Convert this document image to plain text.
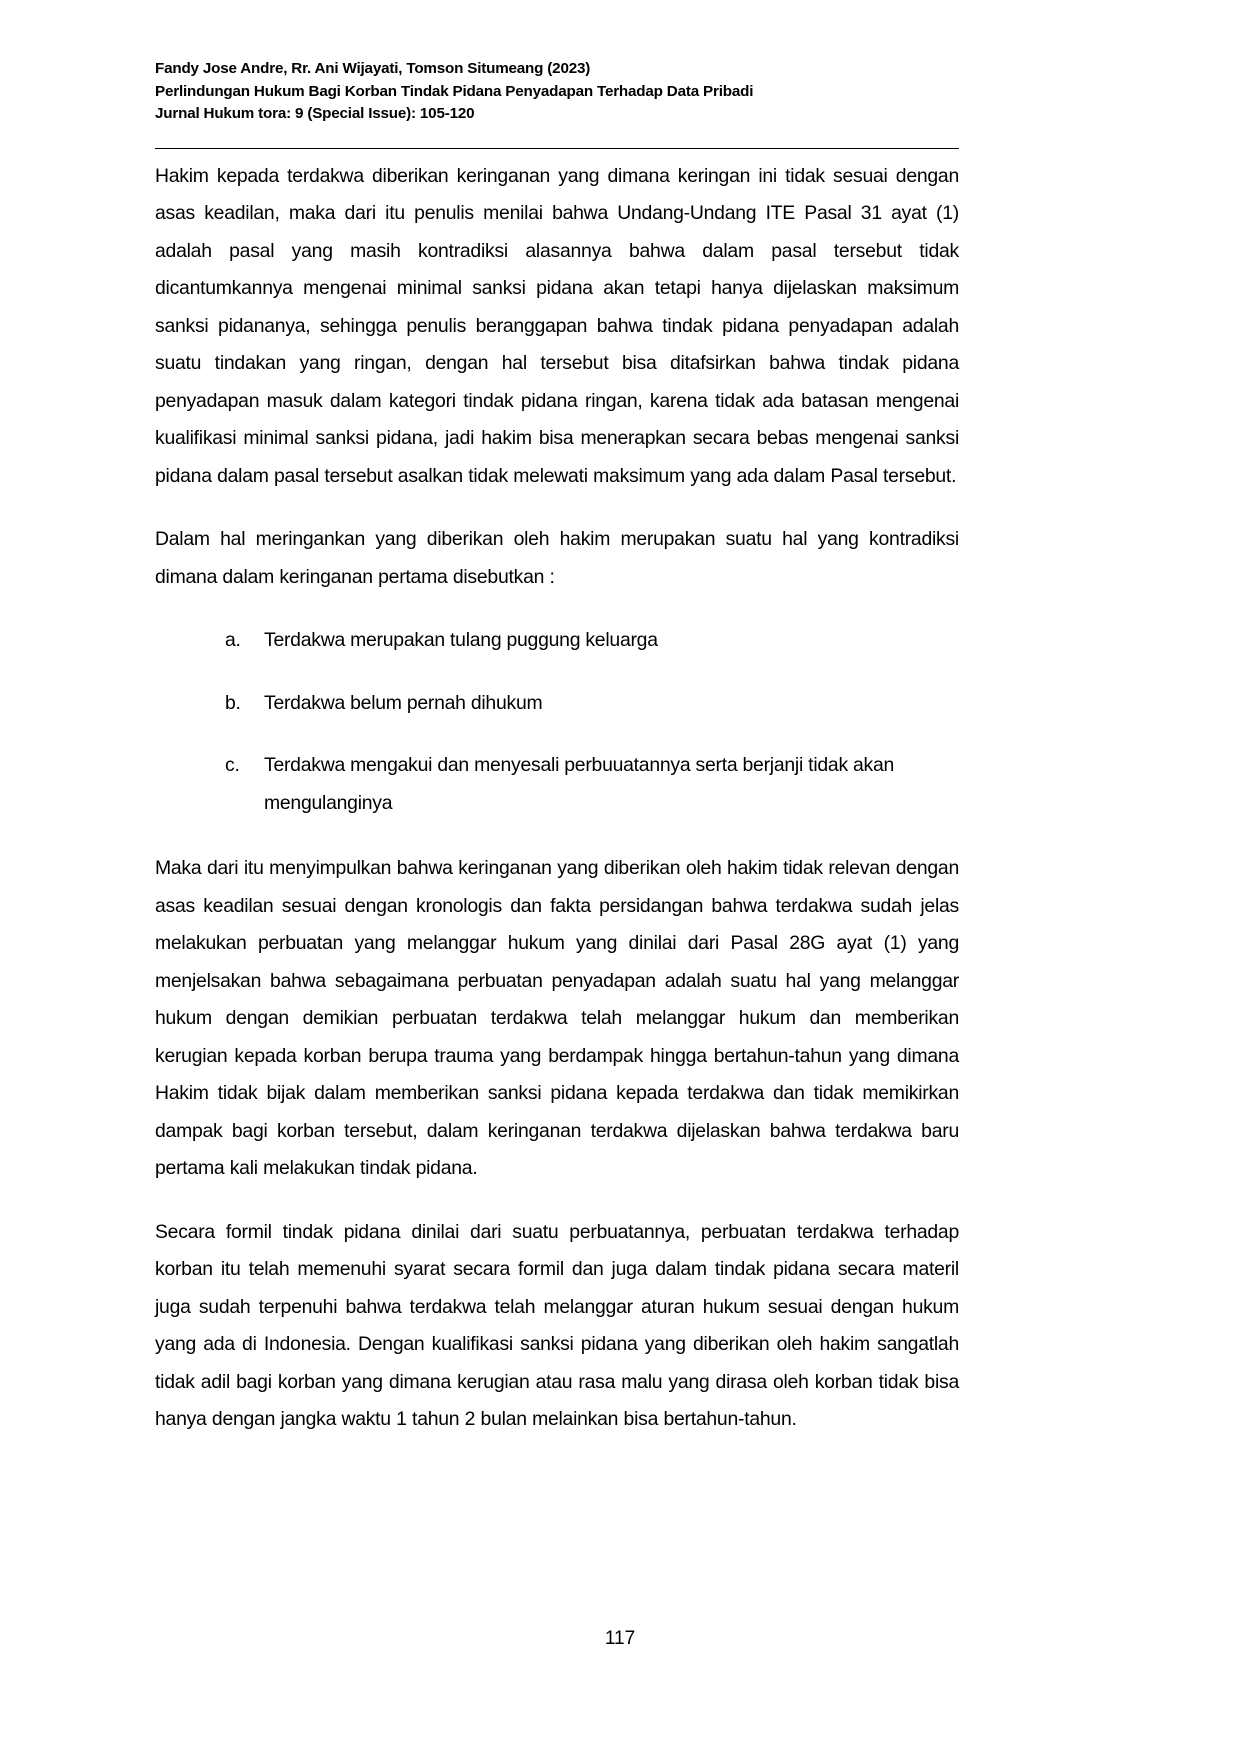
Fandy Jose Andre, Rr. Ani Wijayati, Tomson Situmeang (2023)
Perlindungan Hukum Bagi Korban Tindak Pidana Penyadapan Terhadap Data Pribadi
Jurnal Hukum tora: 9 (Special Issue): 105-120

Hakim kepada terdakwa diberikan keringanan yang dimana keringan ini tidak sesuai dengan asas keadilan, maka dari itu penulis menilai bahwa Undang-Undang ITE Pasal 31 ayat (1) adalah pasal yang masih kontradiksi alasannya bahwa dalam pasal tersebut tidak dicantumkannya mengenai minimal sanksi pidana akan tetapi hanya dijelaskan maksimum sanksi pidananya, sehingga penulis beranggapan bahwa tindak pidana penyadapan adalah suatu tindakan yang ringan, dengan hal tersebut bisa ditafsirkan bahwa tindak pidana penyadapan masuk dalam kategori tindak pidana ringan, karena tidak ada batasan mengenai kualifikasi minimal sanksi pidana, jadi hakim bisa menerapkan secara bebas mengenai sanksi pidana dalam pasal tersebut asalkan tidak melewati maksimum yang ada dalam Pasal tersebut.

Dalam hal meringankan yang diberikan oleh hakim merupakan suatu hal yang kontradiksi dimana dalam keringanan pertama disebutkan :

a.	Terdakwa merupakan tulang puggung keluarga
b.	Terdakwa belum pernah dihukum
c.	Terdakwa mengakui dan menyesali perbuuatannya serta berjanji tidak akan mengulanginya

Maka dari itu menyimpulkan bahwa keringanan yang diberikan oleh hakim tidak relevan dengan asas keadilan sesuai dengan kronologis dan fakta persidangan bahwa terdakwa sudah jelas melakukan perbuatan yang melanggar hukum yang dinilai dari Pasal 28G ayat (1) yang menjelsakan bahwa sebagaimana perbuatan penyadapan adalah suatu hal yang melanggar hukum dengan demikian perbuatan terdakwa telah melanggar hukum dan memberikan kerugian kepada korban berupa trauma yang berdampak hingga bertahun-tahun yang dimana Hakim tidak bijak dalam memberikan sanksi pidana kepada terdakwa dan tidak memikirkan dampak bagi korban tersebut, dalam keringanan terdakwa dijelaskan bahwa terdakwa baru pertama kali melakukan tindak pidana.

Secara formil tindak pidana dinilai dari suatu perbuatannya, perbuatan terdakwa terhadap korban itu telah memenuhi syarat secara formil dan juga dalam tindak pidana secara materil juga sudah terpenuhi bahwa terdakwa telah melanggar aturan hukum sesuai dengan hukum yang ada di Indonesia. Dengan kualifikasi sanksi pidana yang diberikan oleh hakim sangatlah tidak adil bagi korban yang dimana kerugian atau rasa malu yang dirasa oleh korban tidak bisa hanya dengan jangka waktu 1 tahun 2 bulan melainkan bisa bertahun-tahun.

117
